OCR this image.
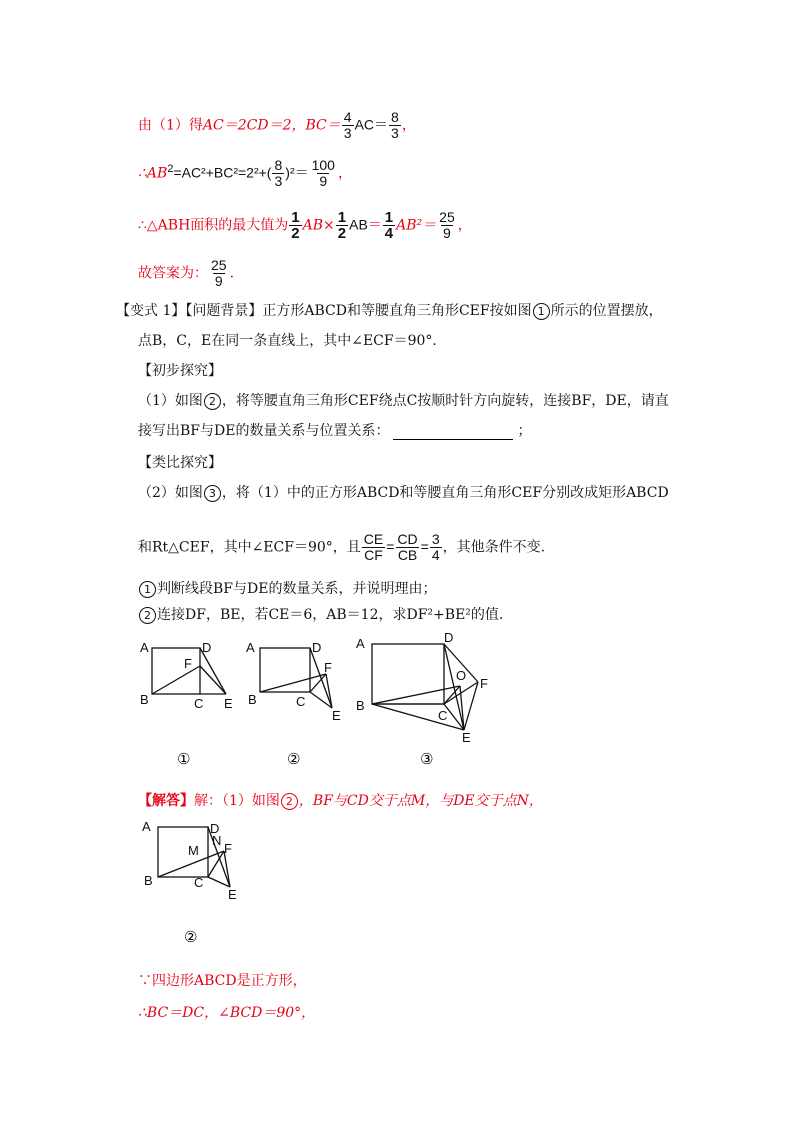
由（1）得AC＝2CD＝2，$BC= \frac{4}{3} AC= \frac{8}{3}$ ，
$\therefore AB^2=AC^2+BC^2=2^2+( \frac{8}{3} )^2= \frac{100}{9}$ ，
∴△ABH面积的最大值为 $\frac{1}{2} AB\times \frac{1}{2} AB= \frac{1}{4} AB^2= \frac{25}{9}$ ，
故答案为： $\frac{25}{9}$ .
【变式 1】【问题背景】正方形ABCD和等腰直角三角形CEF按如图 1 所示的位置摆放，
点B，C，E在同一条直线上，其中∠ECF＝90°.
【初步探究】
（1）如图 2 ，将等腰直角三角形CEF绕点C按顺时针方向旋转，连接BF，DE，请直
接写出BF与DE的数量关系与位置关系：	；
【类比探究】
（2）如图 3 ，将（1）中的正方形ABCD和等腰直角三角形CEF分别改成矩形ABCD
和Rt△CEF，其中∠ECF＝90°，且 $\frac{CE}{CF} = \frac{CD}{CB} = \frac{3}{4}$ ，其他条件不变.
1 判断线段BF与DE的数量关系，并说明理由；
2 连接DF，BE，若CE＝6，AB＝12，求DF²+BE²的值.
A	D
F
B	C E
①
A	D
F
B	C
E
②
A	D
O
F
B
C
E
③
【解答】解：（1）如图 2 ，BF与CD交于点M，与DE交于点N，
A	D
N
M F
B	C
E
②
∵四边形ABCD是正方形，
∴BC＝DC，∠BCD＝90°，
